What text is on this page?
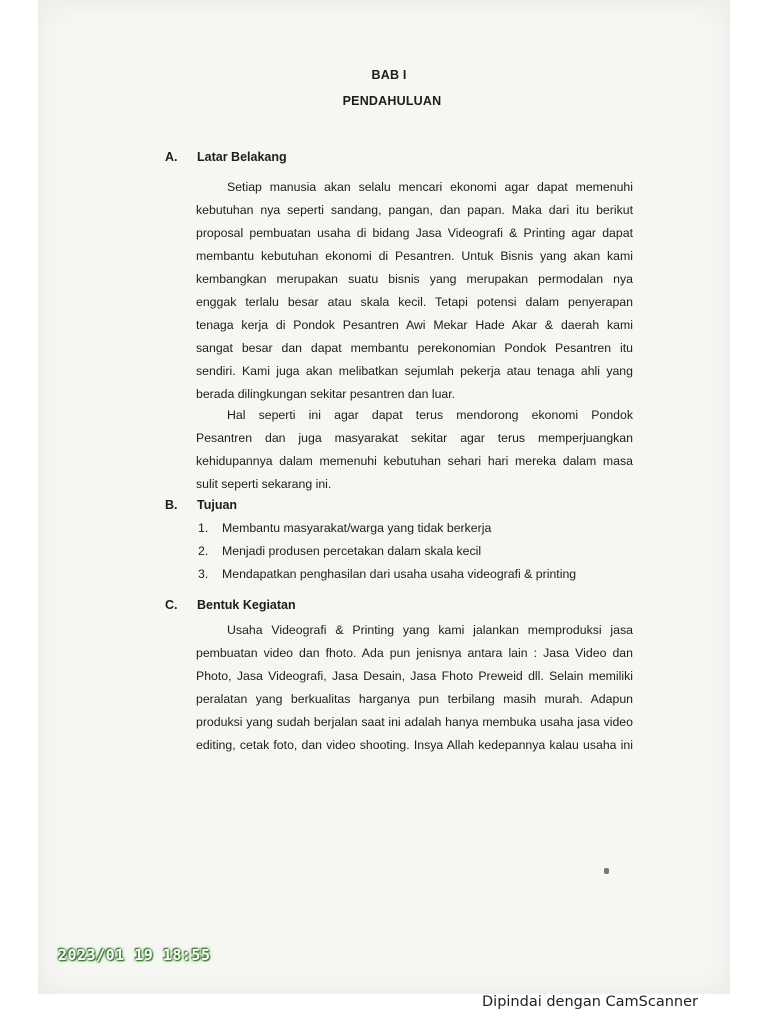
BAB I
PENDAHULUAN
A. Latar Belakang
Setiap manusia akan selalu mencari ekonomi agar dapat memenuhi
kebutuhan nya seperti sandang, pangan, dan papan. Maka dari itu berikut
proposal pembuatan usaha di bidang Jasa Videografi & Printing agar dapat
membantu kebutuhan ekonomi di Pesantren. Untuk Bisnis yang akan kami
kembangkan merupakan suatu bisnis yang merupakan permodalan nya
enggak terlalu besar atau skala kecil. Tetapi potensi dalam penyerapan
tenaga kerja di Pondok Pesantren Awi Mekar Hade Akar & daerah kami
sangat besar dan dapat membantu perekonomian Pondok Pesantren itu
sendiri. Kami juga akan melibatkan sejumlah pekerja atau tenaga ahli yang
berada dilingkungan sekitar pesantren dan luar.
Hal seperti ini agar dapat terus mendorong ekonomi Pondok
Pesantren dan juga masyarakat sekitar agar terus memperjuangkan
kehidupannya dalam memenuhi kebutuhan sehari hari mereka dalam masa
sulit seperti sekarang ini.
B. Tujuan
1. Membantu masyarakat/warga yang tidak berkerja
2. Menjadi produsen percetakan dalam skala kecil
3. Mendapatkan penghasilan dari usaha usaha videografi & printing
C. Bentuk Kegiatan
Usaha Videografi & Printing yang kami jalankan memproduksi jasa
pembuatan video dan fhoto. Ada pun jenisnya antara lain : Jasa Video dan
Photo, Jasa Videografi, Jasa Desain, Jasa Fhoto Preweid dll. Selain memiliki
peralatan yang berkualitas harganya pun terbilang masih murah. Adapun
produksi yang sudah berjalan saat ini adalah hanya membuka usaha jasa video
editing, cetak foto, dan video shooting. Insya Allah kedepannya kalau usaha ini
2023/01 19 18:55
Dipindai dengan CamScanner
